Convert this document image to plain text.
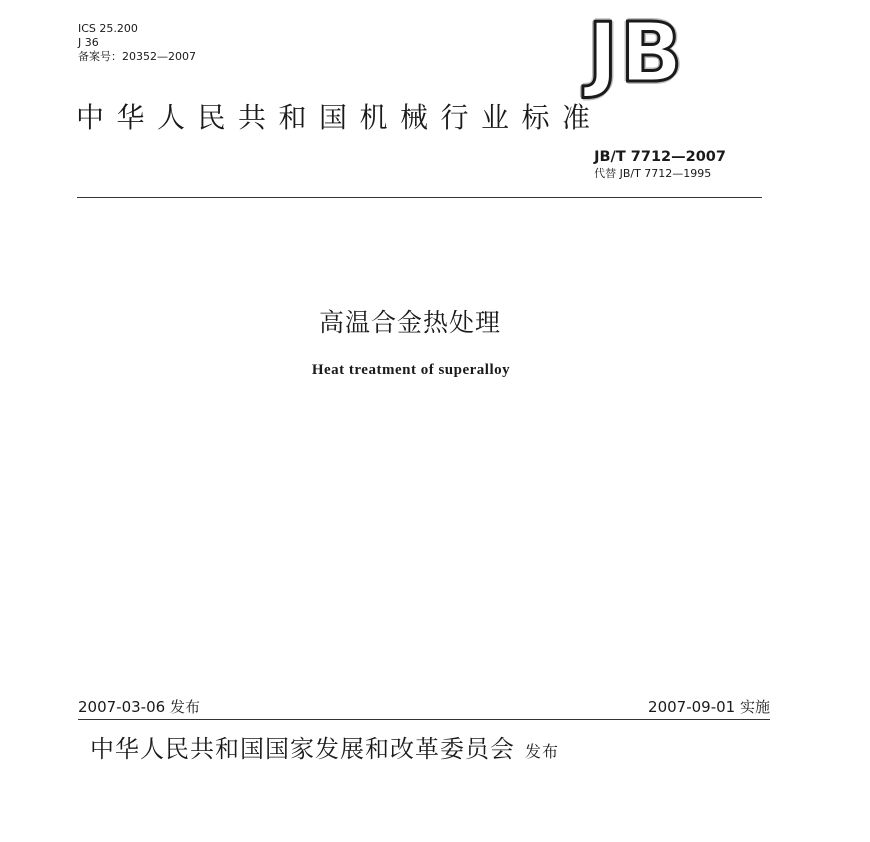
ICS 25.200
J 36
备案号：20352—2007	JB
中华人民共和国机械行业标准
JB/T 7712—2007
代替 JB/T 7712—1995
高温合金热处理
Heat treatment of superalloy
2007-03-06 发布	2007-09-01 实施
中华人民共和国国家发展和改革委员会 发布
